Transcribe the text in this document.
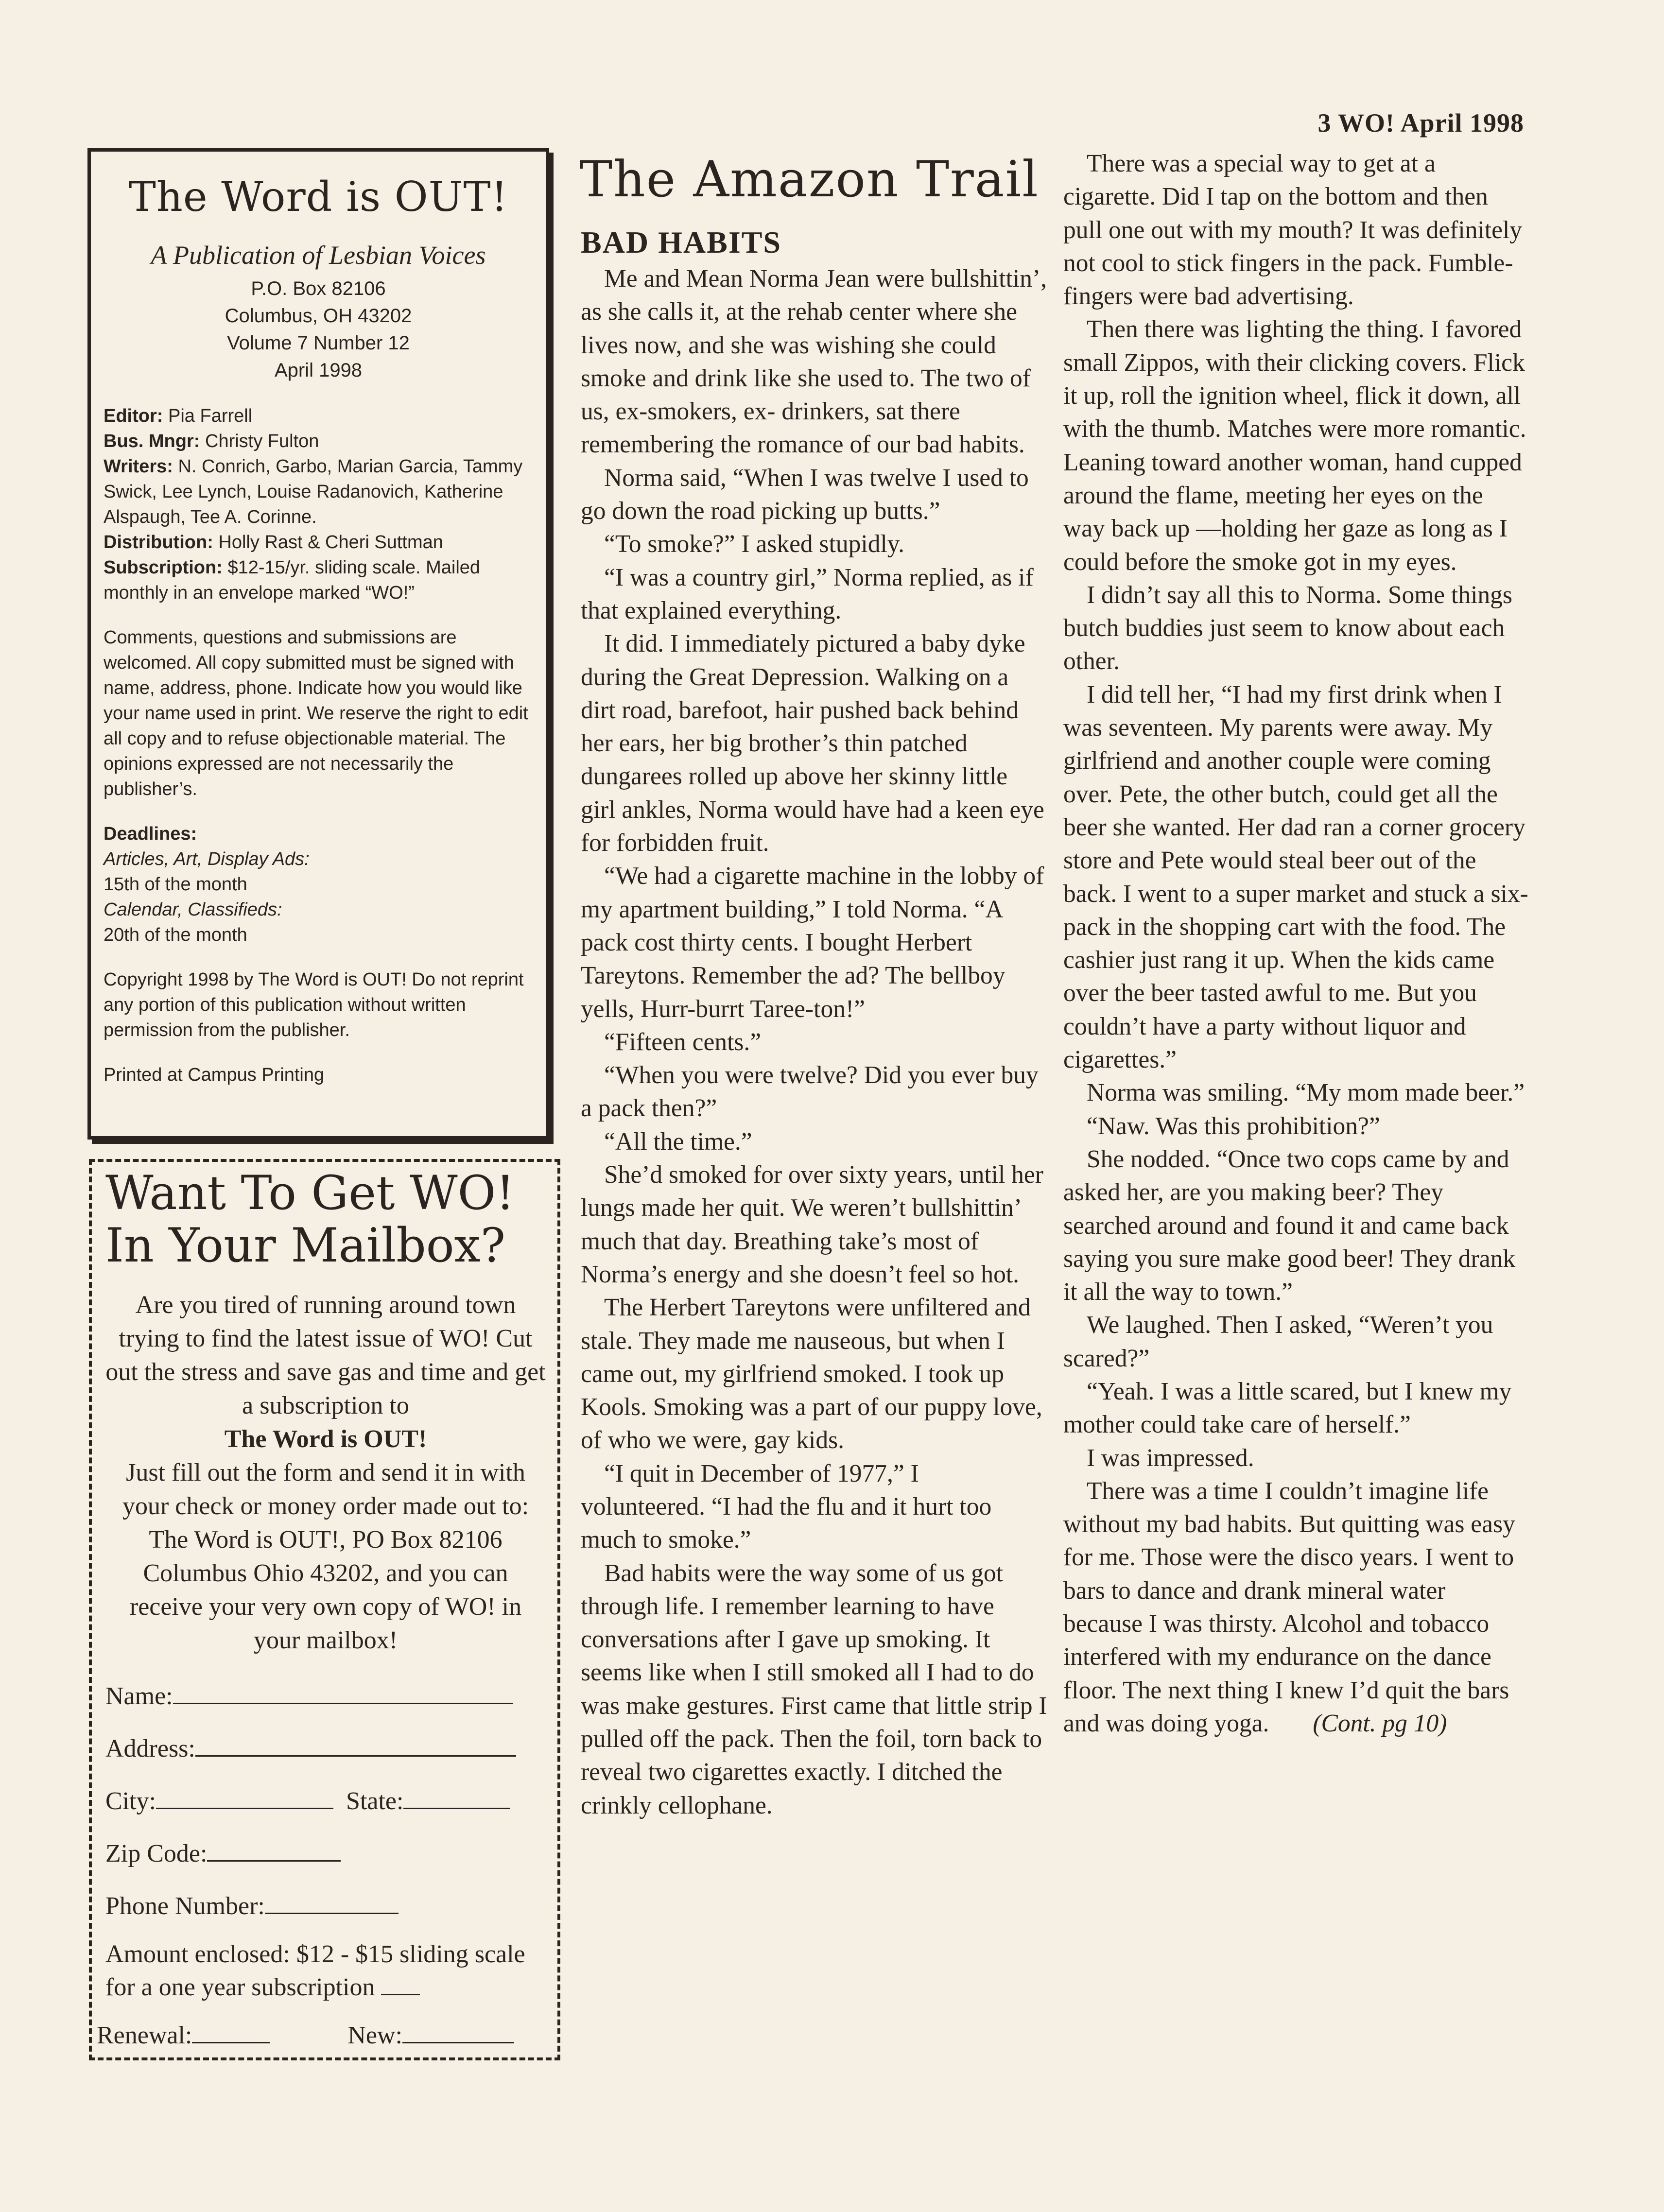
3 WO! April 1998
The Word is OUT!
A Publication of Lesbian Voices
P.O. Box 82106
Columbus, OH 43202
Volume 7 Number 12
April 1998
Editor: Pia Farrell
Bus. Mngr: Christy Fulton
Writers: N. Conrich, Garbo, Marian Garcia, Tammy Swick, Lee Lynch, Louise Radanovich, Katherine Alspaugh, Tee A. Corinne.
Distribution: Holly Rast & Cheri Suttman
Subscription: $12-15/yr. sliding scale. Mailed monthly in an envelope marked “WO!”
Comments, questions and submissions are welcomed. All copy submitted must be signed with name, address, phone. Indicate how you would like your name used in print. We reserve the right to edit all copy and to refuse objectionable material. The opinions expressed are not necessarily the publisher’s.
Deadlines:
Articles, Art, Display Ads:
15th of the month
Calendar, Classifieds:
20th of the month
Copyright 1998 by The Word is OUT! Do not reprint any portion of this publication without written permission from the publisher.
Printed at Campus Printing
Want To Get WO!
In Your Mailbox?
Are you tired of running around town trying to find the latest issue of WO! Cut out the stress and save gas and time and get a subscription to
The Word is OUT!
Just fill out the form and send it in with your check or money order made out to: The Word is OUT!, PO Box 82106 Columbus Ohio 43202, and you can receive your very own copy of WO! in your mailbox!
Name:
Address:
City:	State:
Zip Code:
Phone Number:
Amount enclosed: $12 - $15 sliding scale for a one year subscription
Renewal:	New:
The Amazon Trail
BAD HABITS

Me and Mean Norma Jean were bullshittin’, as she calls it, at the rehab center where she lives now, and she was wishing she could smoke and drink like she used to. The two of us, ex-smokers, ex- drinkers, sat there remembering the romance of our bad habits.

Norma said, “When I was twelve I used to go down the road picking up butts.”

“To smoke?” I asked stupidly.

“I was a country girl,” Norma replied, as if that explained everything.

It did. I immediately pictured a baby dyke during the Great Depression. Walking on a dirt road, barefoot, hair pushed back behind her ears, her big brother’s thin patched dungarees rolled up above her skinny little girl ankles, Norma would have had a keen eye for forbidden fruit.

“We had a cigarette machine in the lobby of my apartment building,” I told Norma. “A pack cost thirty cents. I bought Herbert Tareytons. Remember the ad? The bellboy yells, Hurr-burrt Taree-ton!”

“Fifteen cents.”

“When you were twelve? Did you ever buy a pack then?”

“All the time.”

She’d smoked for over sixty years, until her lungs made her quit. We weren’t bullshittin’ much that day. Breathing take’s most of Norma’s energy and she doesn’t feel so hot.

The Herbert Tareytons were unfiltered and stale. They made me nauseous, but when I came out, my girlfriend smoked. I took up Kools. Smoking was a part of our puppy love, of who we were, gay kids.

“I quit in December of 1977,” I volunteered. “I had the flu and it hurt too much to smoke.”

Bad habits were the way some of us got through life. I remember learning to have conversations after I gave up smoking. It seems like when I still smoked all I had to do was make gestures. First came that little strip I pulled off the pack. Then the foil, torn back to reveal two cigarettes exactly. I ditched the crinkly cellophane.

There was a special way to get at a cigarette. Did I tap on the bottom and then pull one out with my mouth? It was definitely not cool to stick fingers in the pack. Fumble-fingers were bad advertising.

Then there was lighting the thing. I favored small Zippos, with their clicking covers. Flick it up, roll the ignition wheel, flick it down, all with the thumb. Matches were more romantic. Leaning toward another woman, hand cupped around the flame, meeting her eyes on the way back up —holding her gaze as long as I could before the smoke got in my eyes.

I didn’t say all this to Norma. Some things butch buddies just seem to know about each other.

I did tell her, “I had my first drink when I was seventeen. My parents were away. My girlfriend and another couple were coming over. Pete, the other butch, could get all the beer she wanted. Her dad ran a corner grocery store and Pete would steal beer out of the back. I went to a super market and stuck a six-pack in the shopping cart with the food. The cashier just rang it up. When the kids came over the beer tasted awful to me. But you couldn’t have a party without liquor and cigarettes.”

Norma was smiling. “My mom made beer.”

“Naw. Was this prohibition?”

She nodded. “Once two cops came by and asked her, are you making beer? They searched around and found it and came back saying you sure make good beer! They drank it all the way to town.”

We laughed. Then I asked, “Weren’t you scared?”

“Yeah. I was a little scared, but I knew my mother could take care of herself.”

I was impressed.

There was a time I couldn’t imagine life without my bad habits. But quitting was easy for me. Those were the disco years. I went to bars to dance and drank mineral water because I was thirsty. Alcohol and tobacco interfered with my endurance on the dance floor. The next thing I knew I’d quit the bars and was doing yoga. (Cont. pg 10)
